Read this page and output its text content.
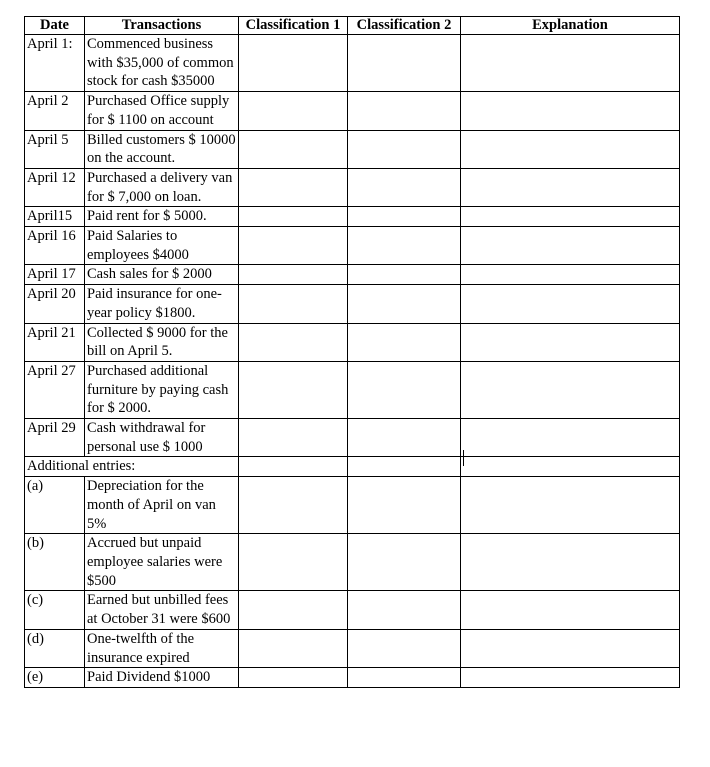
Date	Transactions	Classification 1	Classification 2	Explanation
April 1:	Commenced business with $35,000 of common stock for cash $35000			
April 2	Purchased Office supply for $ 1100 on account			
April 5	Billed customers $ 10000 on the account.			
April 12	Purchased a delivery van for $ 7,000 on loan.			
April15	Paid rent for $ 5000.			
April 16	Paid Salaries to employees $4000			
April 17	Cash sales for $ 2000			
April 20	Paid insurance for one-year policy $1800.			
April 21	Collected $ 9000 for the bill on April 5.			
April 27	Purchased additional furniture by paying cash for $ 2000.			
April 29	Cash withdrawal for personal use $ 1000			
Additional entries:				
(a)	Depreciation for the month of April on van 5%			
(b)	Accrued but unpaid employee salaries were $500			
(c)	Earned but unbilled fees at October 31 were $600			
(d)	One-twelfth of the insurance expired			
(e)	Paid Dividend $1000			
